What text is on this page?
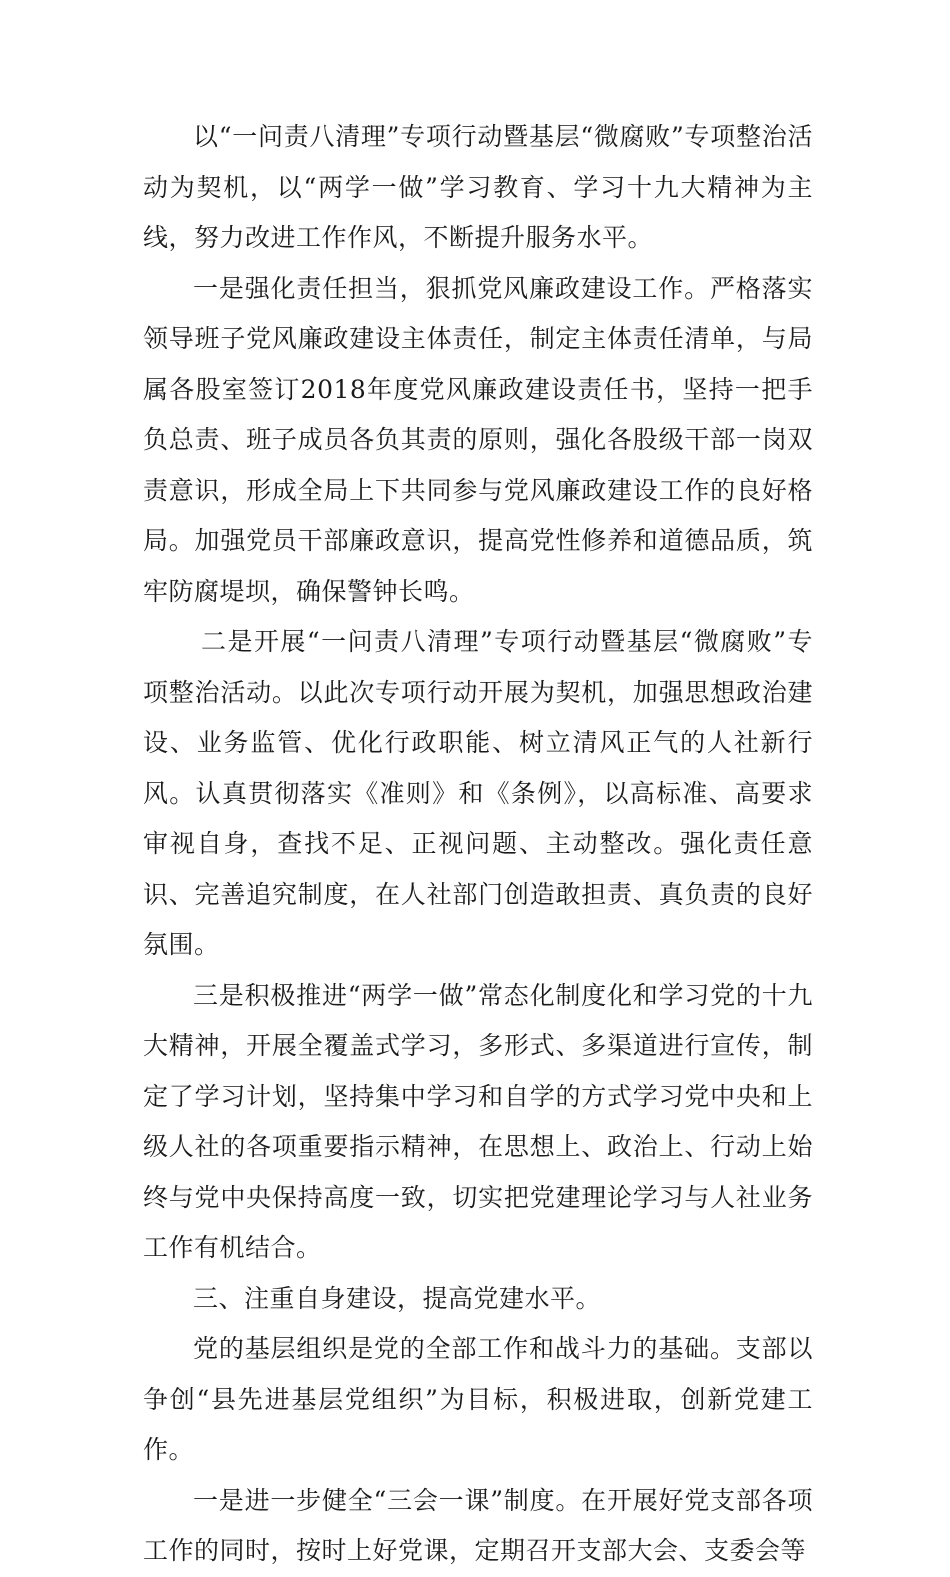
以“一问责八清理”专项行动暨基层“微腐败”专项整治活动为契机，以“两学一做”学习教育、学习十九大精神为主线，努力改进工作作风，不断提升服务水平。

一是强化责任担当，狠抓党风廉政建设工作。严格落实领导班子党风廉政建设主体责任，制定主体责任清单，与局属各股室签订2018年度党风廉政建设责任书，坚持一把手负总责、班子成员各负其责的原则，强化各股级干部一岗双责意识，形成全局上下共同参与党风廉政建设工作的良好格局。加强党员干部廉政意识，提高党性修养和道德品质，筑牢防腐堤坝，确保警钟长鸣。

二是开展“一问责八清理”专项行动暨基层“微腐败”专项整治活动。以此次专项行动开展为契机，加强思想政治建设、业务监管、优化行政职能、树立清风正气的人社新行风。认真贯彻落实《准则》和《条例》，以高标准、高要求审视自身，查找不足、正视问题、主动整改。强化责任意识、完善追究制度，在人社部门创造敢担责、真负责的良好氛围。

三是积极推进“两学一做”常态化制度化和学习党的十九大精神，开展全覆盖式学习，多形式、多渠道进行宣传，制定了学习计划，坚持集中学习和自学的方式学习党中央和上级人社的各项重要指示精神，在思想上、政治上、行动上始终与党中央保持高度一致，切实把党建理论学习与人社业务工作有机结合。

三、注重自身建设，提高党建水平。

党的基层组织是党的全部工作和战斗力的基础。支部以争创“县先进基层党组织”为目标，积极进取，创新党建工作。

一是进一步健全“三会一课”制度。在开展好党支部各项工作的同时，按时上好党课，定期召开支部大会、支委会等
